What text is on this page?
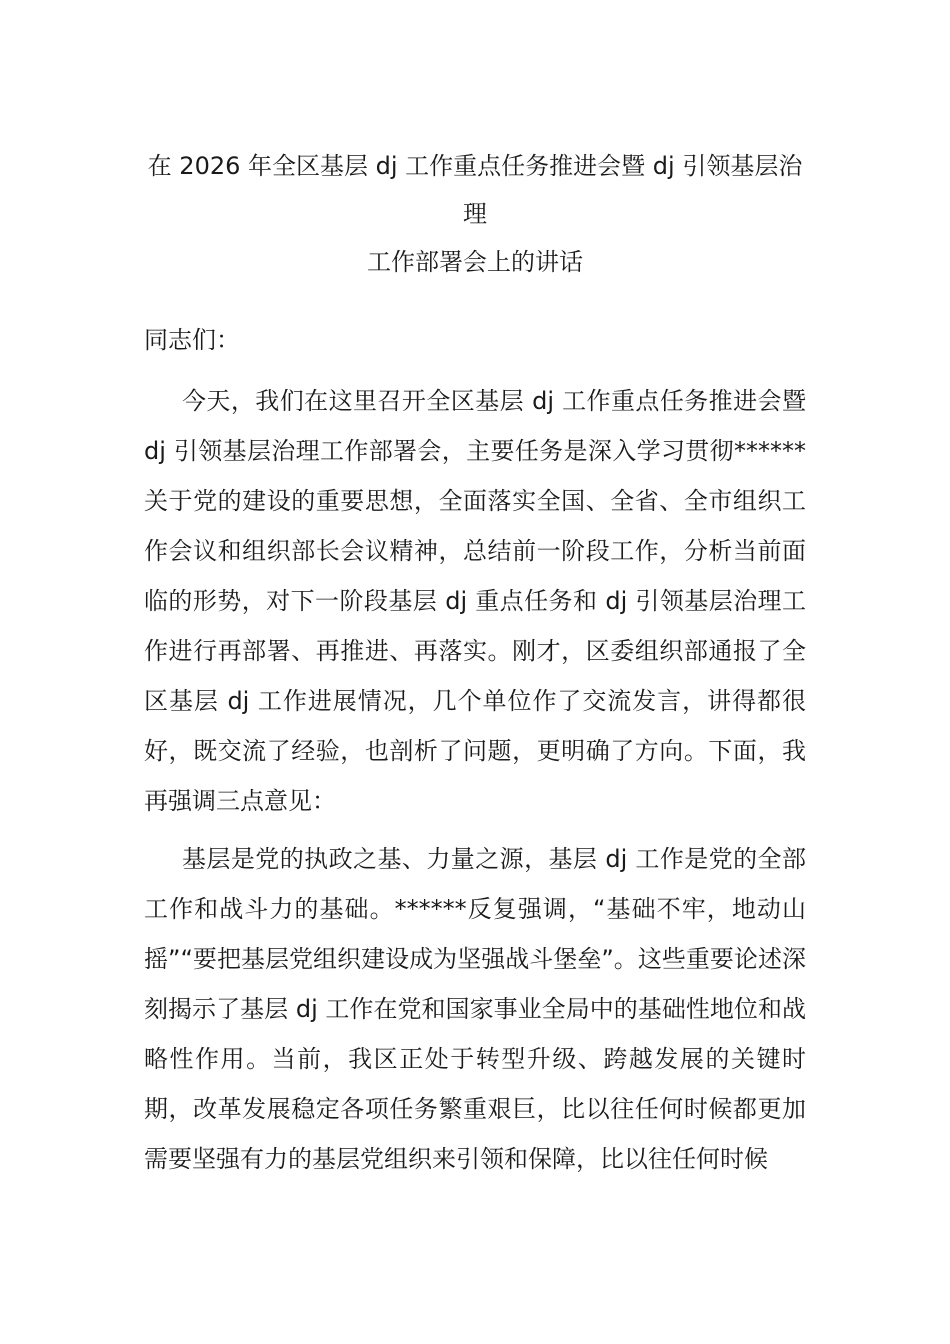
在 2026 年全区基层 dj 工作重点任务推进会暨 dj 引领基层治理
工作部署会上的讲话
同志们：
今天，我们在这里召开全区基层 dj 工作重点任务推进会暨 dj 引领基层治理工作部署会，主要任务是深入学习贯彻******关于党的建设的重要思想，全面落实全国、全省、全市组织工作会议和组织部长会议精神，总结前一阶段工作，分析当前面临的形势，对下一阶段基层 dj 重点任务和 dj 引领基层治理工作进行再部署、再推进、再落实。刚才，区委组织部通报了全区基层 dj 工作进展情况，几个单位作了交流发言，讲得都很好，既交流了经验，也剖析了问题，更明确了方向。下面，我再强调三点意见：
基层是党的执政之基、力量之源，基层 dj 工作是党的全部工作和战斗力的基础。******反复强调，“基础不牢，地动山摇”“要把基层党组织建设成为坚强战斗堡垒”。这些重要论述深刻揭示了基层 dj 工作在党和国家事业全局中的基础性地位和战略性作用。当前，我区正处于转型升级、跨越发展的关键时期，改革发展稳定各项任务繁重艰巨，比以往任何时候都更加需要坚强有力的基层党组织来引领和保障，比以往任何时候
